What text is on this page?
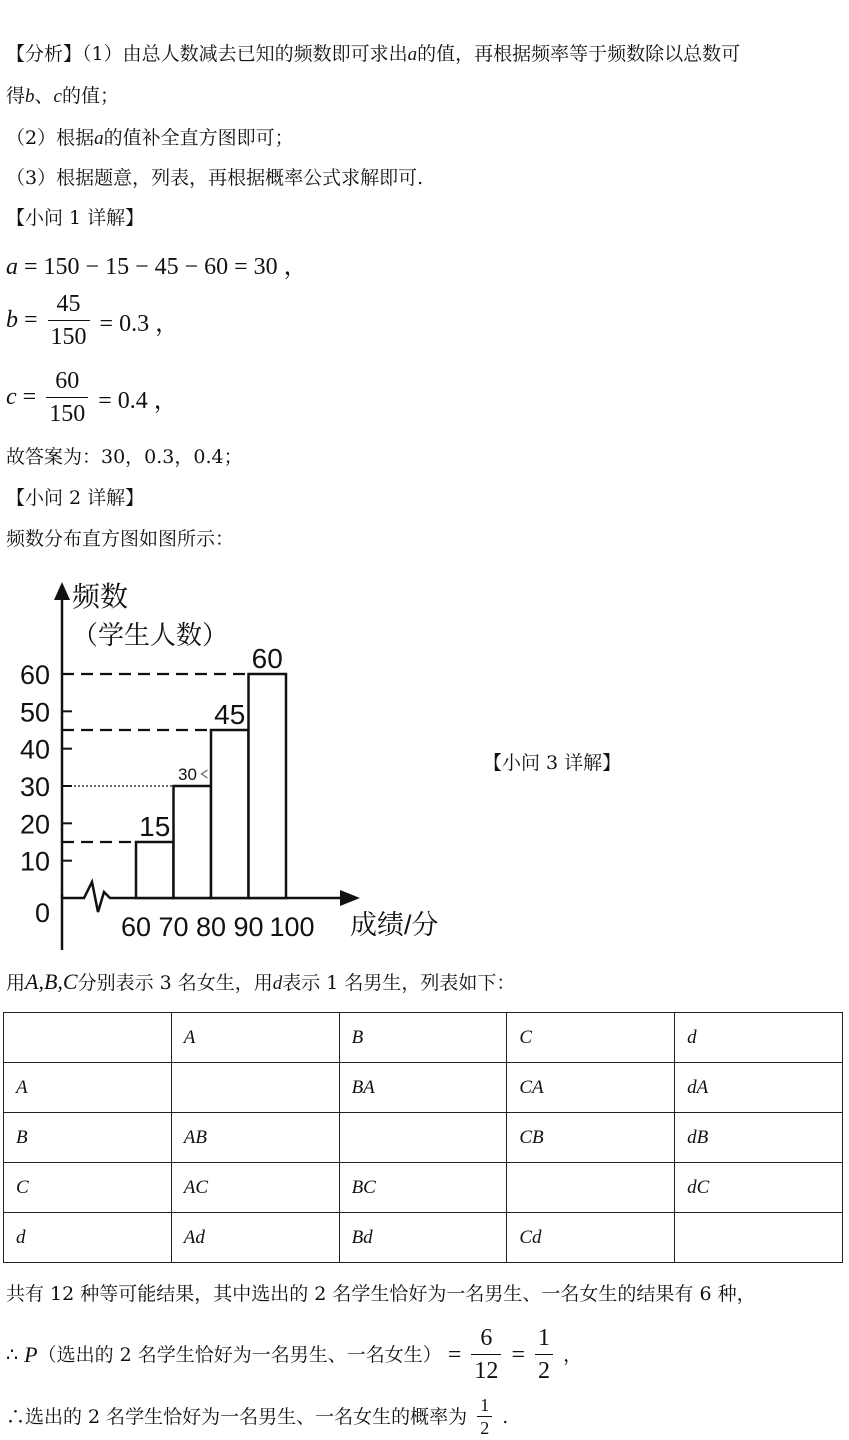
【分析】（1）由总人数减去已知的频数即可求出a的值，再根据频率等于频数除以总数可
得b、c的值；
（2）根据a的值补全直方图即可；
（3）根据题意，列表，再根据概率公式求解即可.
【小问 1 详解】
a = 150 − 15 − 45 − 60 = 30 ，
$b = \frac{45}{150} = 0.3$ ，
$c = \frac{60}{150} = 0.4$ ，
故答案为：30，0.3，0.4；
【小问 2 详解】
频数分布直方图如图所示：
频数
（学生人数）
成绩/分
0
10
20
30
40
50
60
60 70 80 90 100
15
30
45
60
【小问 3 详解】
用A,B,C分别表示 3 名女生，用d表示 1 名男生，列表如下：
	A	B	C	d
A		BA	CA	dA
B	AB		CB	dB
C	AC	BC		dC
d	Ad	Bd	Cd	
共有 12 种等可能结果，其中选出的 2 名学生恰好为一名男生、一名女生的结果有 6 种，
∴ P（选出的 2 名学生恰好为一名男生、一名女生） = $\frac{6}{12} = \frac{1}{2}$ ，
∴选出的 2 名学生恰好为一名男生、一名女生的概率为 $\frac{1}{2}$ .
